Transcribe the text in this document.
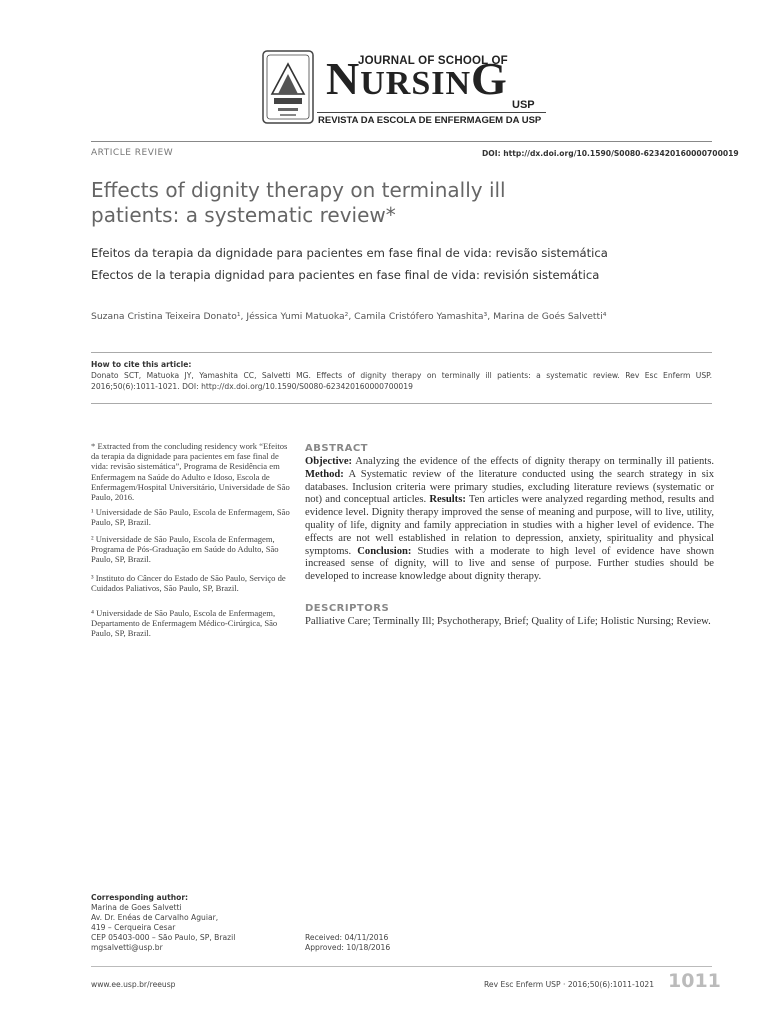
JOURNAL OF SCHOOL OF
NURSING
USP
REVISTA DA ESCOLA DE ENFERMAGEM DA USP
ARTICLE REVIEW	DOI: http://dx.doi.org/10.1590/S0080-623420160000700019
Effects of dignity therapy on terminally ill patients: a systematic review*
Efeitos da terapia da dignidade para pacientes em fase final de vida: revisão sistemática
Efectos de la terapia dignidad para pacientes en fase final de vida: revisión sistemática
Suzana Cristina Teixeira Donato¹, Jéssica Yumi Matuoka², Camila Cristófero Yamashita³, Marina de Goés Salvetti⁴
How to cite this article:
Donato SCT, Matuoka JY, Yamashita CC, Salvetti MG. Effects of dignity therapy on terminally ill patients: a systematic review. Rev Esc Enferm USP. 2016;50(6):1011-1021. DOI: http://dx.doi.org/10.1590/S0080-623420160000700019
* Extracted from the concluding residency work “Efeitos da terapia da dignidade para pacientes em fase final de vida: revisão sistemática”, Programa de Residência em Enfermagem na Saúde do Adulto e Idoso, Escola de Enfermagem/Hospital Universitário, Universidade de São Paulo, 2016.
¹ Universidade de São Paulo, Escola de Enfermagem, São Paulo, SP, Brazil.
² Universidade de São Paulo, Escola de Enfermagem, Programa de Pós-Graduação em Saúde do Adulto, São Paulo, SP, Brazil.
³ Instituto do Câncer do Estado de São Paulo, Serviço de Cuidados Paliativos, São Paulo, SP, Brazil.
⁴ Universidade de São Paulo, Escola de Enfermagem, Departamento de Enfermagem Médico-Cirúrgica, São Paulo, SP, Brazil.
ABSTRACT
Objective: Analyzing the evidence of the effects of dignity therapy on terminally ill patients. Method: A Systematic review of the literature conducted using the search strategy in six databases. Inclusion criteria were primary studies, excluding literature reviews (systematic or not) and conceptual articles. Results: Ten articles were analyzed regarding method, results and evidence level. Dignity therapy improved the sense of meaning and purpose, will to live, utility, quality of life, dignity and family appreciation in studies with a higher level of evidence. The effects are not well established in relation to depression, anxiety, spirituality and physical symptoms. Conclusion: Studies with a moderate to high level of evidence have shown increased sense of dignity, will to live and sense of purpose. Further studies should be developed to increase knowledge about dignity therapy.
DESCRIPTORS
Palliative Care; Terminally Ill; Psychotherapy, Brief; Quality of Life; Holistic Nursing; Review.
Corresponding author:
Marina de Goes Salvetti
Av. Dr. Enéas de Carvalho Aguiar,
419 – Cerqueira Cesar
CEP 05403-000 – São Paulo, SP, Brazil
mgsalvetti@usp.br
Received: 04/11/2016
Approved: 10/18/2016
www.ee.usp.br/reeusp	Rev Esc Enferm USP · 2016;50(6):1011-1021 1011
